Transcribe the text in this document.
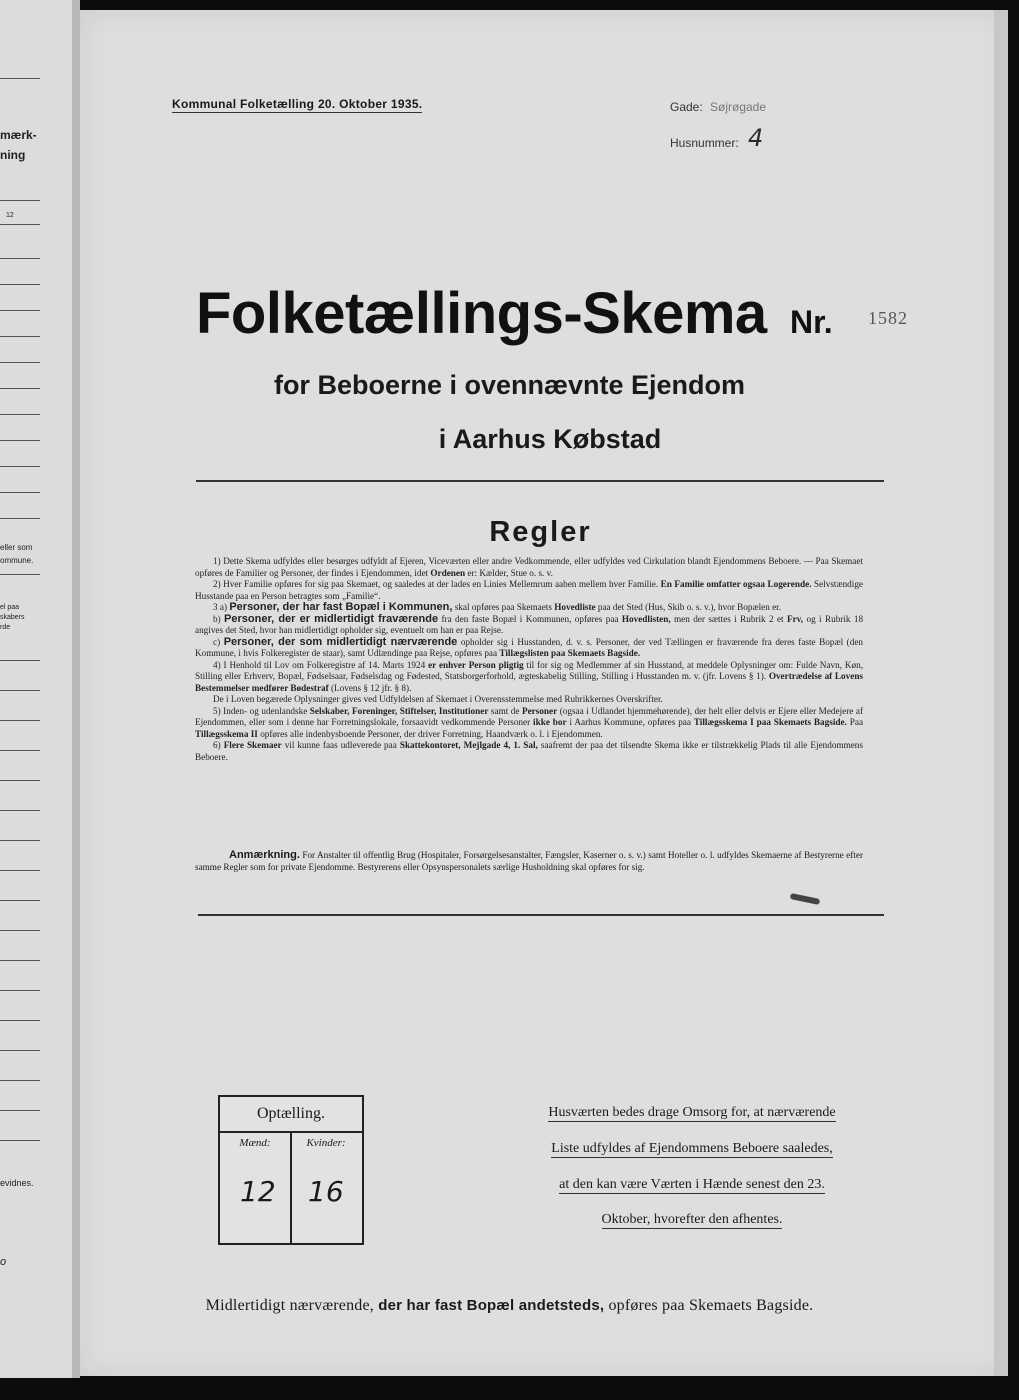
mærk-
ning
12
eller som
ommune.
el paa
skabers
rde
evidnes.
o
Kommunal Folketælling 20. Oktober 1935.	Gade: Søjrøgade
Husnummer: 4
Folketællings-Skema Nr. 1582
for Beboerne i ovennævnte Ejendom
i Aarhus Købstad
Regler

1) Dette Skema udfyldes eller besørges udfyldt af Ejeren, Viceværten eller andre Vedkommende, eller udfyldes ved Cirkulation blandt Ejendommens Beboere. — Paa Skemaet opføres de Familier og Personer, der findes i Ejendommen, idet Ordenen er: Kælder, Stue o. s. v.

2) Hver Familie opføres for sig paa Skemaet, og saaledes at der lades en Linies Mellemrum aaben mellem hver Familie. En Familie omfatter ogsaa Logerende. Selvstændige Husstande paa en Person betragtes som „Familie“.

3 a) Personer, der har fast Bopæl i Kommunen, skal opføres paa Skemaets Hovedliste paa det Sted (Hus, Skib o. s. v.), hvor Bopælen er.

b) Personer, der er midlertidigt fraværende fra den faste Bopæl i Kommunen, opføres paa Hovedlisten, men der sættes i Rubrik 2 et Frv, og i Rubrik 18 angives det Sted, hvor han midlertidigt opholder sig, eventuelt om han er paa Rejse.

c) Personer, der som midlertidigt nærværende opholder sig i Husstanden, d. v. s. Personer, der ved Tællingen er fraværende fra deres faste Bopæl (den Kommune, i hvis Folkeregister de staar), samt Udlændinge paa Rejse, opføres paa Tillægslisten paa Skemaets Bagside.

4) I Henhold til Lov om Folkeregistre af 14. Marts 1924 er enhver Person pligtig til for sig og Medlemmer af sin Husstand, at meddele Oplysninger om: Fulde Navn, Køn, Stilling eller Erhverv, Bopæl, Fødselsaar, Fødselsdag og Fødested, Statsborgerforhold, ægteskabelig Stilling, Stilling i Husstanden m. v. (jfr. Lovens § 1). Overtrædelse af Lovens Bestemmelser medfører Bødestraf (Lovens § 12 jfr. § 8).

De i Loven begærede Oplysninger gives ved Udfyldelsen af Skemaet i Overensstemmelse med Rubrikkernes Overskrifter.

5) Inden- og udenlandske Selskaber, Foreninger, Stiftelser, Institutioner samt de Personer (ogsaa i Udlandet hjemmehørende), der helt eller delvis er Ejere eller Medejere af Ejendommen, eller som i denne har Forretningslokale, forsaavidt vedkommende Personer ikke bor i Aarhus Kommune, opføres paa Tillægsskema I paa Skemaets Bagside. Paa Tillægsskema II opføres alle indenbysboende Personer, der driver Forretning, Haandværk o. l. i Ejendommen.

6) Flere Skemaer vil kunne faas udleverede paa Skattekontoret, Mejlgade 4, 1. Sal, saafremt der paa det tilsendte Skema ikke er tilstrækkelig Plads til alle Ejendommens Beboere.

Anmærkning. For Anstalter til offentlig Brug (Hospitaler, Forsørgelsesanstalter, Fængsler, Kaserner o. s. v.) samt Hoteller o. l. udfyldes Skemaerne af Bestyrerne efter samme Regler som for private Ejendomme. Bestyrerens eller Opsynspersonalets særlige Husholdning skal opføres for sig.
Optælling.
Mænd:	Kvinder:
12 16
Husværten bedes drage Omsorg for, at nærværende
Liste udfyldes af Ejendommens Beboere saaledes,
at den kan være Værten i Hænde senest den 23.
Oktober, hvorefter den afhentes.
Midlertidigt nærværende, der har fast Bopæl andetsteds, opføres paa Skemaets Bagside.
